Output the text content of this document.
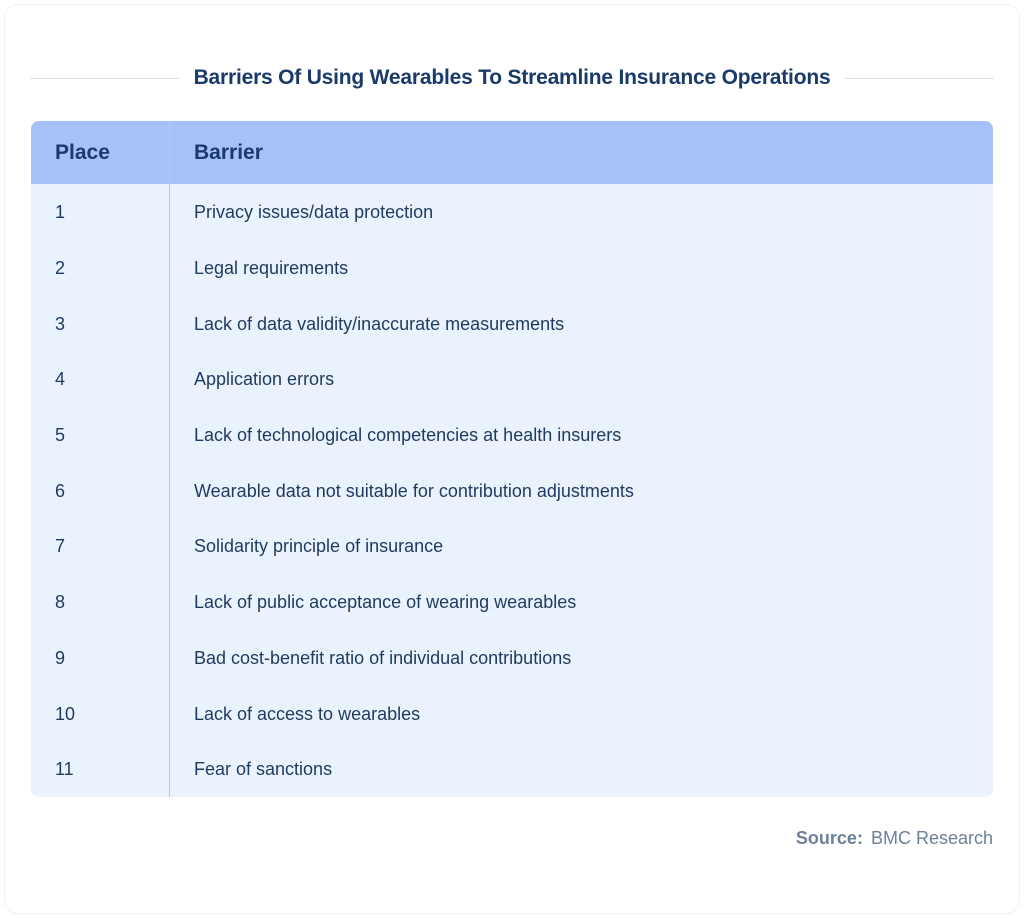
Barriers Of Using Wearables To Streamline Insurance Operations
Place	Barrier
1	Privacy issues/data protection
2	Legal requirements
3	Lack of data validity/inaccurate measurements
4	Application errors
5	Lack of technological competencies at health insurers
6	Wearable data not suitable for contribution adjustments
7	Solidarity principle of insurance
8	Lack of public acceptance of wearing wearables
9	Bad cost-benefit ratio of individual contributions
10	Lack of access to wearables
11	Fear of sanctions
Source: BMC Research
